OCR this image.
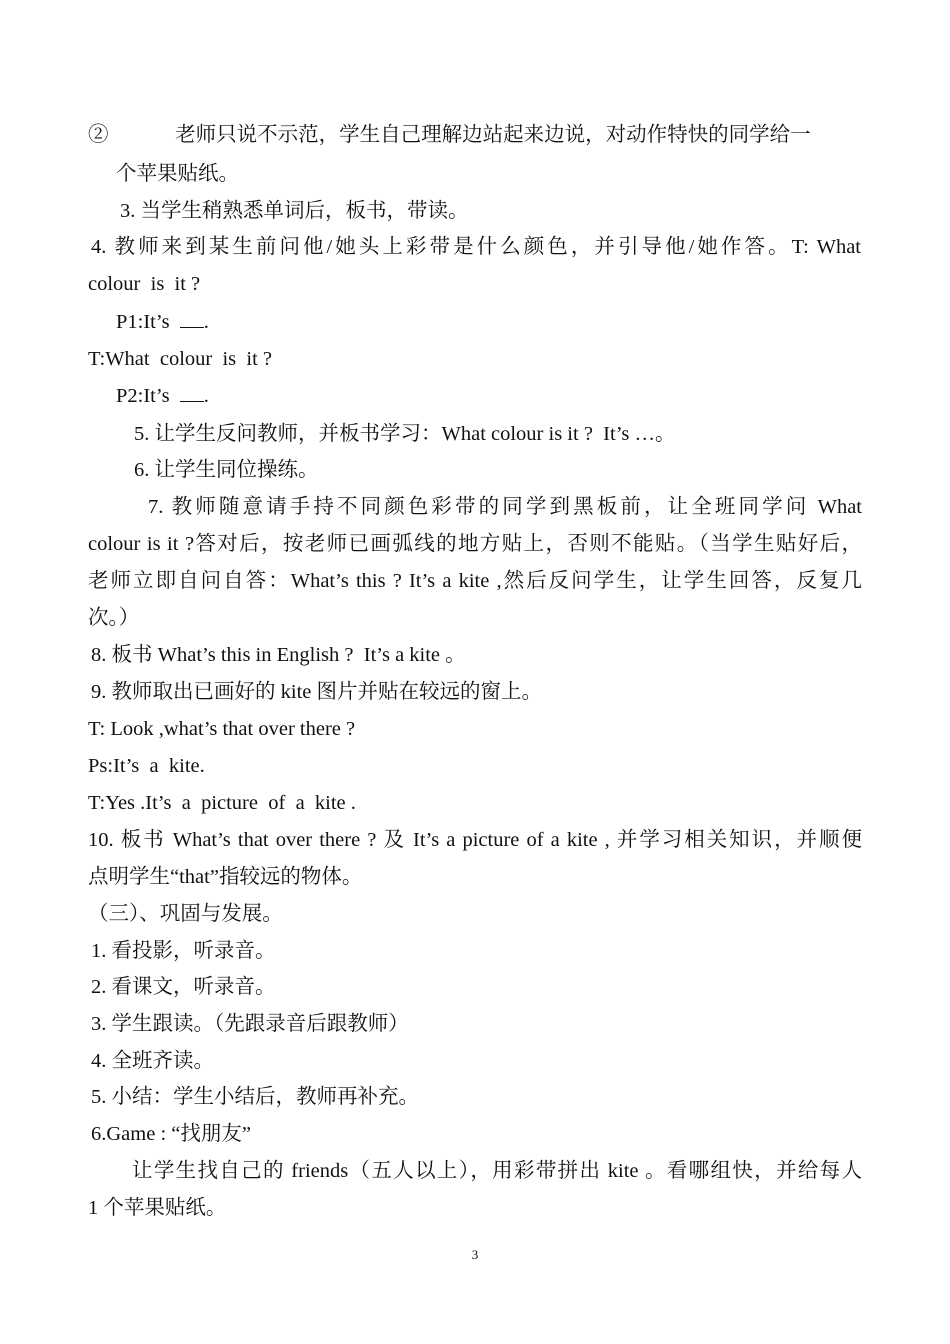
②             老师只说不示范，学生自己理解边站起来边说，对动作特快的同学给一

个苹果贴纸。

3. 当学生稍熟悉单词后，板书，带读。

4. 教师来到某生前问他/她头上彩带是什么颜色，并引导他/她作答。T: What

colour  is  it ?

P1:It’s  .

T:What  colour  is  it ?

P2:It’s  .

5. 让学生反问教师，并板书学习：What colour is it ?  It’s …。

6. 让学生同位操练。

7. 教师随意请手持不同颜色彩带的同学到黑板前，让全班同学问 What

colour is it ?答对后，按老师已画弧线的地方贴上，否则不能贴。（当学生贴好后，

老师立即自问自答：What’s this ? It’s a kite ,然后反问学生，让学生回答，反复几

次。）

8. 板书 What’s this in English ?  It’s a kite 。

9. 教师取出已画好的 kite 图片并贴在较远的窗上。

T: Look ,what’s that over there ?

Ps:It’s  a  kite.

T:Yes .It’s  a  picture  of  a  kite .

10. 板书 What’s that over there ? 及 It’s a picture of a kite , 并学习相关知识，并顺便

点明学生“that”指较远的物体。

（三）、巩固与发展。

1. 看投影，听录音。

2. 看课文，听录音。

3. 学生跟读。（先跟录音后跟教师）

4. 全班齐读。

5. 小结：学生小结后，教师再补充。

6.Game : “找朋友”

让学生找自己的 friends（五人以上），用彩带拼出 kite 。看哪组快，并给每人

1 个苹果贴纸。

3
